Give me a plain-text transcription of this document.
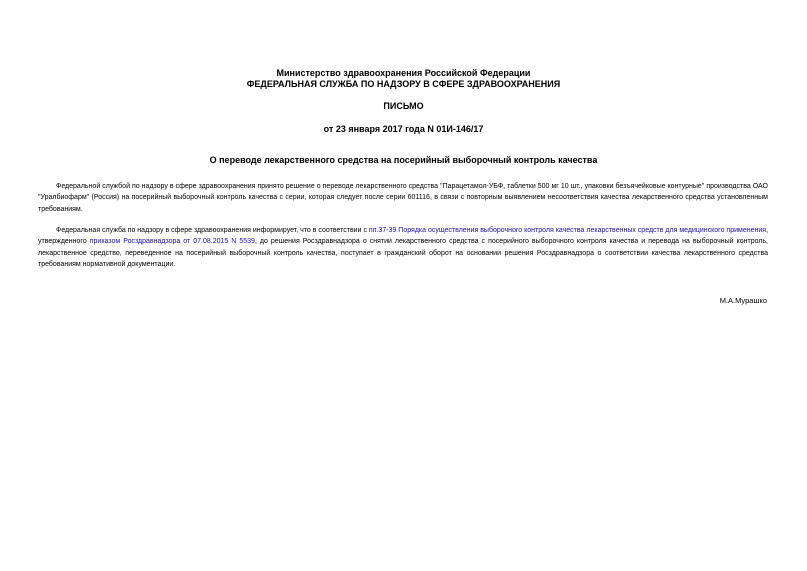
Министерство здравоохранения Российской Федерации
ФЕДЕРАЛЬНАЯ СЛУЖБА ПО НАДЗОРУ В СФЕРЕ ЗДРАВООХРАНЕНИЯ
ПИСЬМО
от 23 января 2017 года N 01И-146/17
О переводе лекарственного средства на посерийный выборочный контроль качества

Федеральной службой по надзору в сфере здравоохранения принято решение о переводе лекарственного средства "Парацетамол-УБФ, таблетки 500 мг 10 шт., упаковки безъячейковые контурные" производства ОАО "Уралбиофарм" (Россия) на посерийный выборочный контроль качества с серии, которая следует после серии 601116, в связи с повторным выявлением несоответствия качества лекарственного средства установленным требованиям.

Федеральная служба по надзору в сфере здравоохранения информирует, что в соответствии с пп.37-39 Порядка осуществления выборочного контроля качества лекарственных средств для медицинского применения, утвержденного приказом Росздравнадзора от 07.08.2015 N 5539, до решения Росздравнадзора о снятии лекарственного средства с посерийного выборочного контроля качества и перевода на выборочный контроль, лекарственное средство, переведенное на посерийный выборочный контроль качества, поступает в гражданский оборот на основании решения Росздравнадзора о соответствии качества лекарственного средства требованиям нормативной документации.

М.А.Мурашко
